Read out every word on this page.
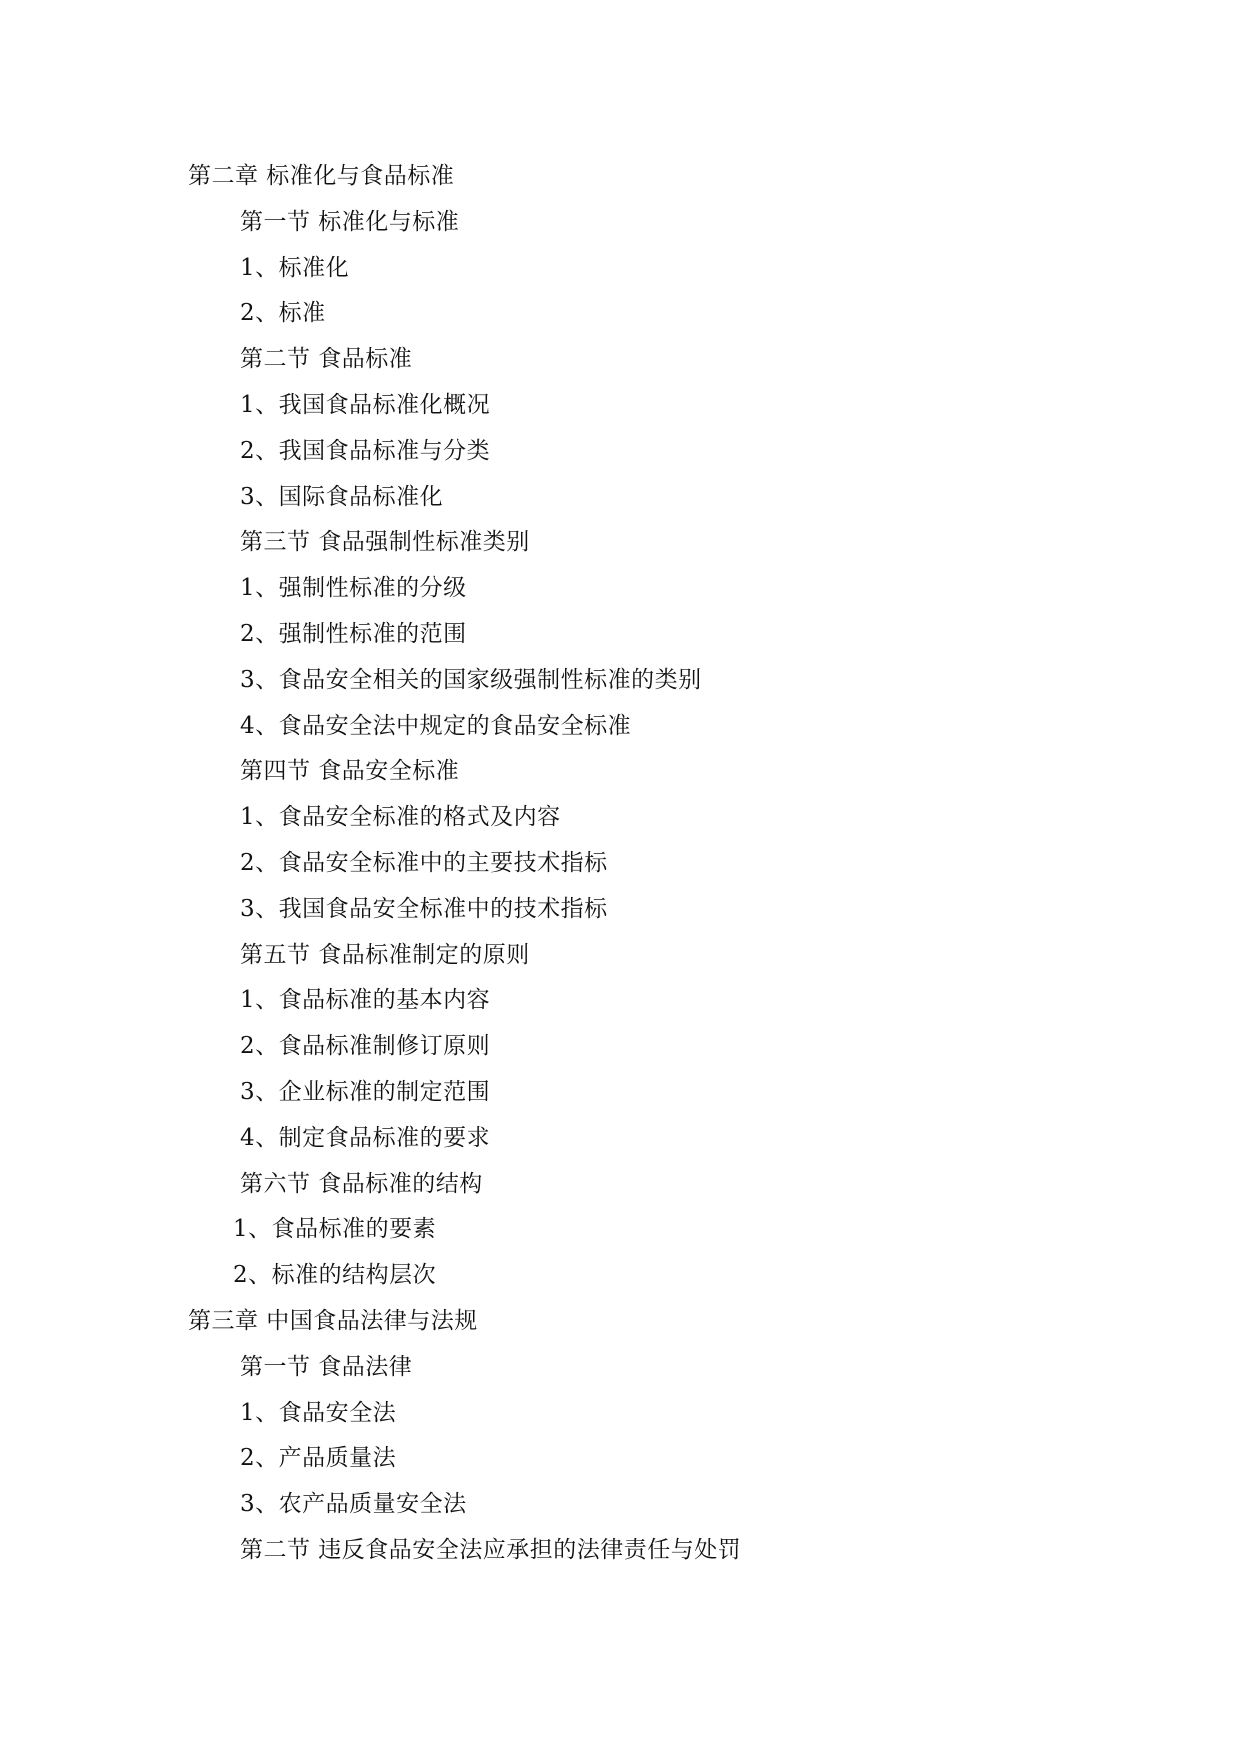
第二章 标准化与食品标准
第一节 标准化与标准
1、标准化
2、标准
第二节 食品标准
1、我国食品标准化概况
2、我国食品标准与分类
3、国际食品标准化
第三节 食品强制性标准类别
1、强制性标准的分级
2、强制性标准的范围
3、食品安全相关的国家级强制性标准的类别
4、食品安全法中规定的食品安全标准
第四节 食品安全标准
1、食品安全标准的格式及内容
2、食品安全标准中的主要技术指标
3、我国食品安全标准中的技术指标
第五节 食品标准制定的原则
1、食品标准的基本内容
2、食品标准制修订原则
3、企业标准的制定范围
4、制定食品标准的要求
第六节 食品标准的结构
1、食品标准的要素
2、标准的结构层次
第三章 中国食品法律与法规
第一节 食品法律
1、食品安全法
2、产品质量法
3、农产品质量安全法
第二节 违反食品安全法应承担的法律责任与处罚
